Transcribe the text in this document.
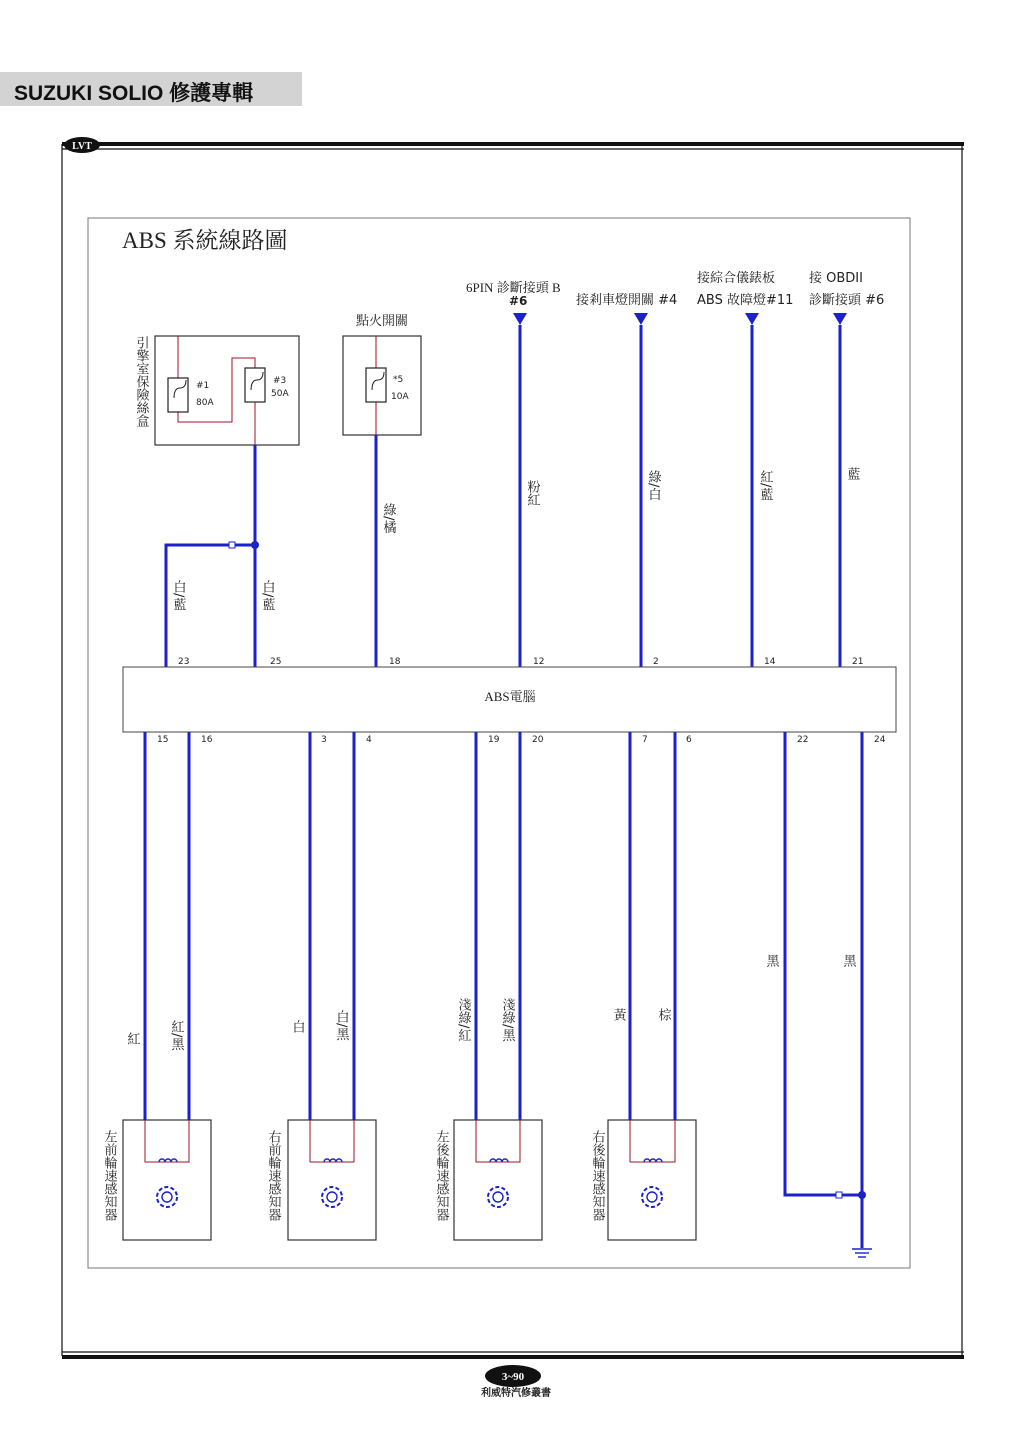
SUZUKI SOLIO 修護專輯
LVT
ABS 系統線路圖
#1
80A
#3
50A
引擎室保險絲盒	*5
10A
點火開關
6PIN 診斷接頭 B
#6	接剎車燈開關 #4
接綜合儀錶板
ABS 故障燈#11
接 OBDII
診斷接頭 #6
白/藍	白/藍
綠/橘
粉紅	綠/白	紅/藍	藍
ABS電腦
23	25	18	12	2	14	21
15	16	3	4	19	20	7	6	22	24
紅 紅/黑	白 白/黑	淺綠/紅 淺綠/黑	黃 棕
黑	黑
左前輪速感知器	右前輪速感知器	左後輪速感知器	右後輪速感知器
3~90
利威特汽修叢書
